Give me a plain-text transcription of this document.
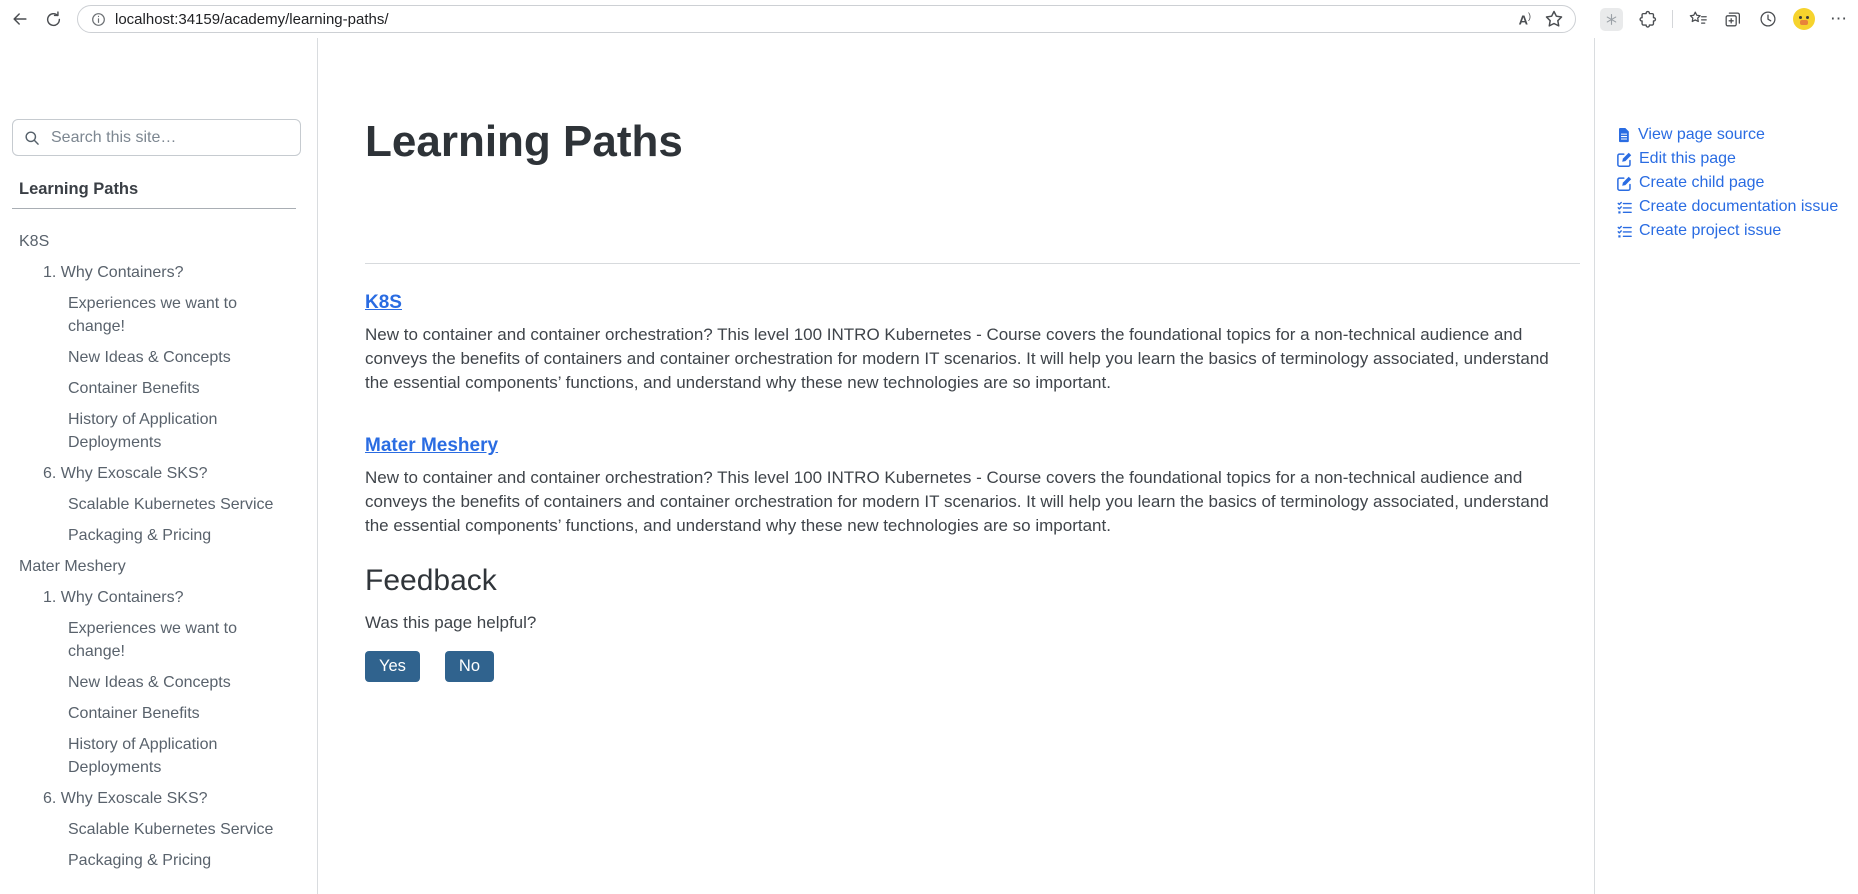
localhost:34159/academy/learning-paths/	A)	⋯
Search this site…
Learning Paths
K8S
1. Why Containers?
Experiences we want to change!
New Ideas & Concepts
Container Benefits
History of Application Deployments
6. Why Exoscale SKS?
Scalable Kubernetes Service
Packaging & Pricing
Mater Meshery
1. Why Containers?
Experiences we want to change!
New Ideas & Concepts
Container Benefits
History of Application Deployments
6. Why Exoscale SKS?
Scalable Kubernetes Service
Packaging & Pricing
Learning Paths
K8S

New to container and container orchestration? This level 100 INTRO Kubernetes - Course covers the foundational topics for a non-technical audience and conveys the benefits of containers and container orchestration for modern IT scenarios. It will help you learn the basics of terminology associated, understand the essential components’ functions, and understand why these new technologies are so important.

Mater Meshery

New to container and container orchestration? This level 100 INTRO Kubernetes - Course covers the foundational topics for a non-technical audience and conveys the benefits of containers and container orchestration for modern IT scenarios. It will help you learn the basics of terminology associated, understand the essential components’ functions, and understand why these new technologies are so important.

Feedback

Was this page helpful?

Yes	No
View page source
Edit this page
Create child page
Create documentation issue
Create project issue
